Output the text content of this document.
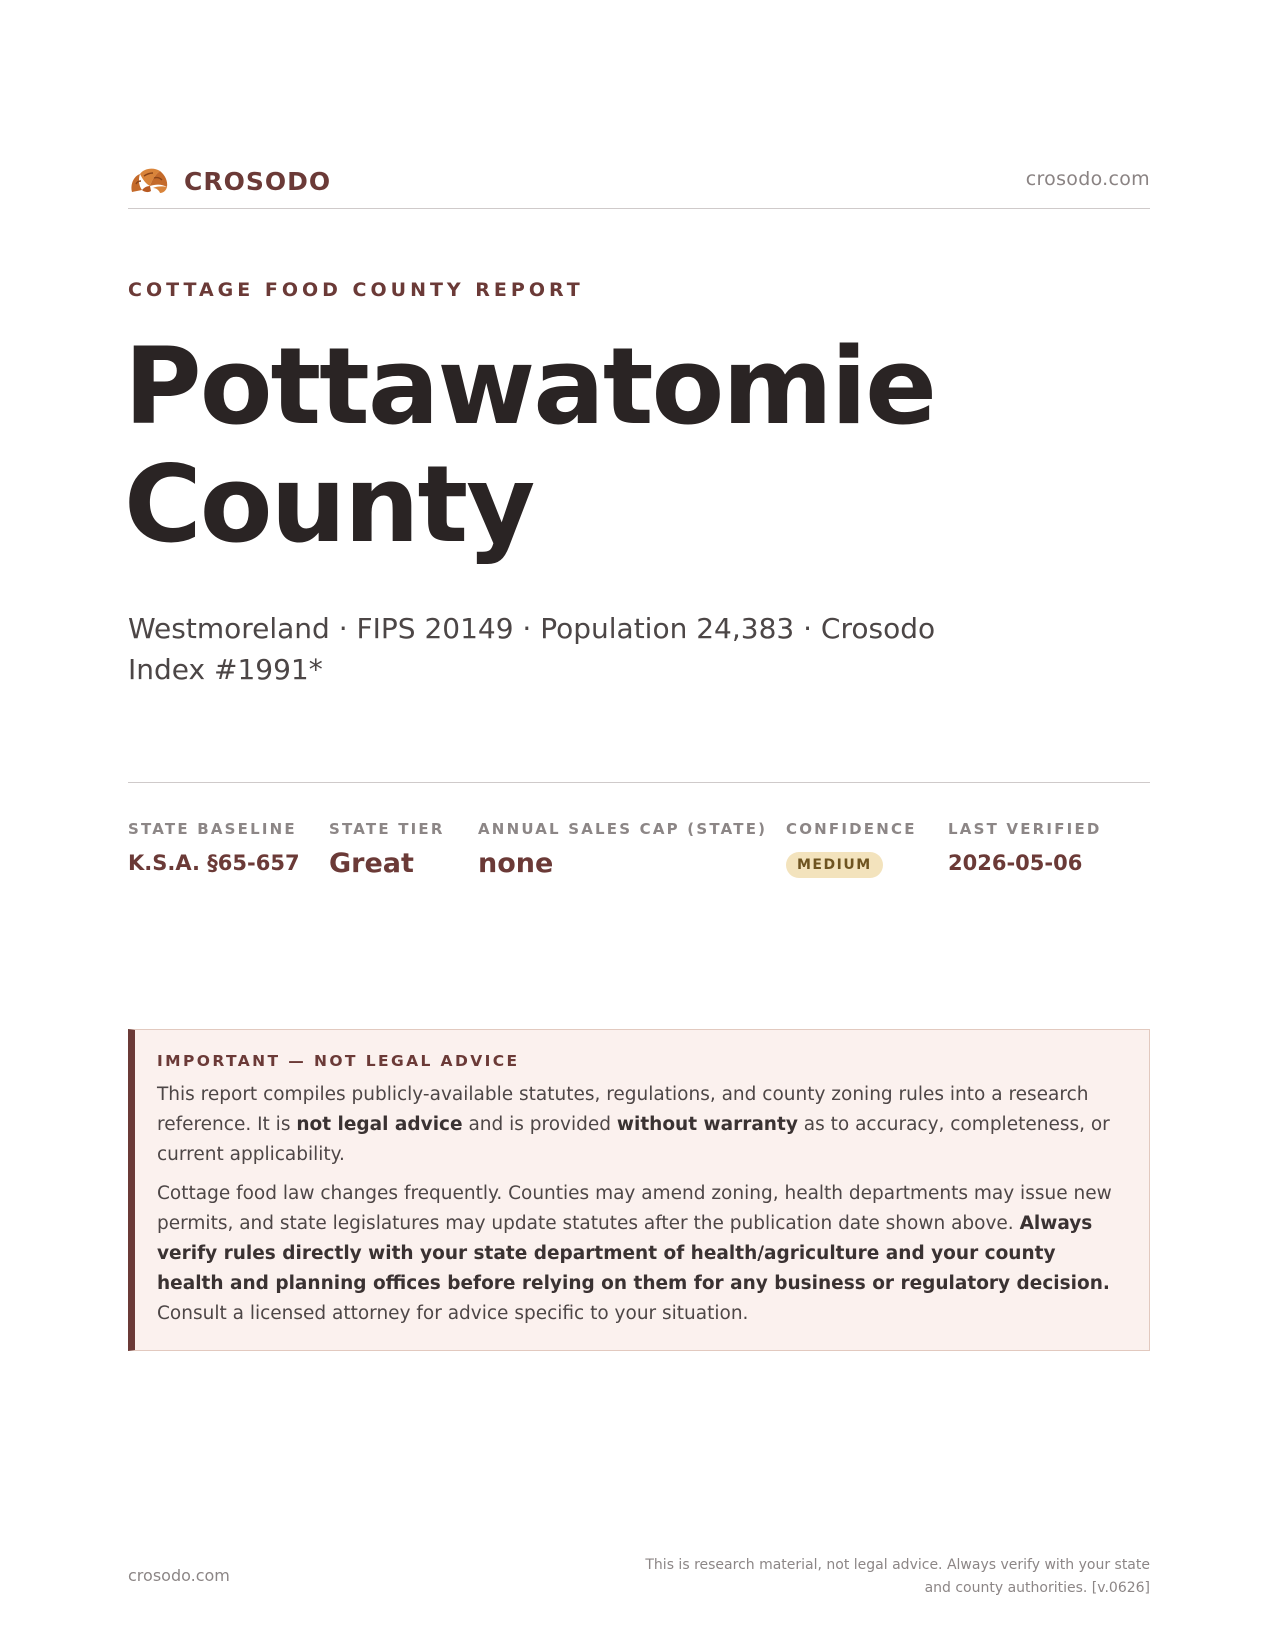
CROSODO	crosodo.com
COTTAGE FOOD COUNTY REPORT
Pottawatomie
County

Westmoreland · FIPS 20149 · Population 24,383 · Crosodo Index #1991*

STATE BASELINE
K.S.A. §65-657
STATE TIER
Great
ANNUAL SALES CAP (STATE)
none
CONFIDENCE
MEDIUM
LAST VERIFIED
2026-05-06
IMPORTANT — NOT LEGAL ADVICE

This report compiles publicly-available statutes, regulations, and county zoning rules into a research reference. It is not legal advice and is provided without warranty as to accuracy, completeness, or current applicability.

Cottage food law changes frequently. Counties may amend zoning, health departments may issue new permits, and state legislatures may update statutes after the publication date shown above. Always verify rules directly with your state department of health/agriculture and your county health and planning offices before relying on them for any business or regulatory decision. Consult a licensed attorney for advice specific to your situation.

crosodo.com
This is research material, not legal advice. Always verify with your state
and county authorities. [v.0626]
